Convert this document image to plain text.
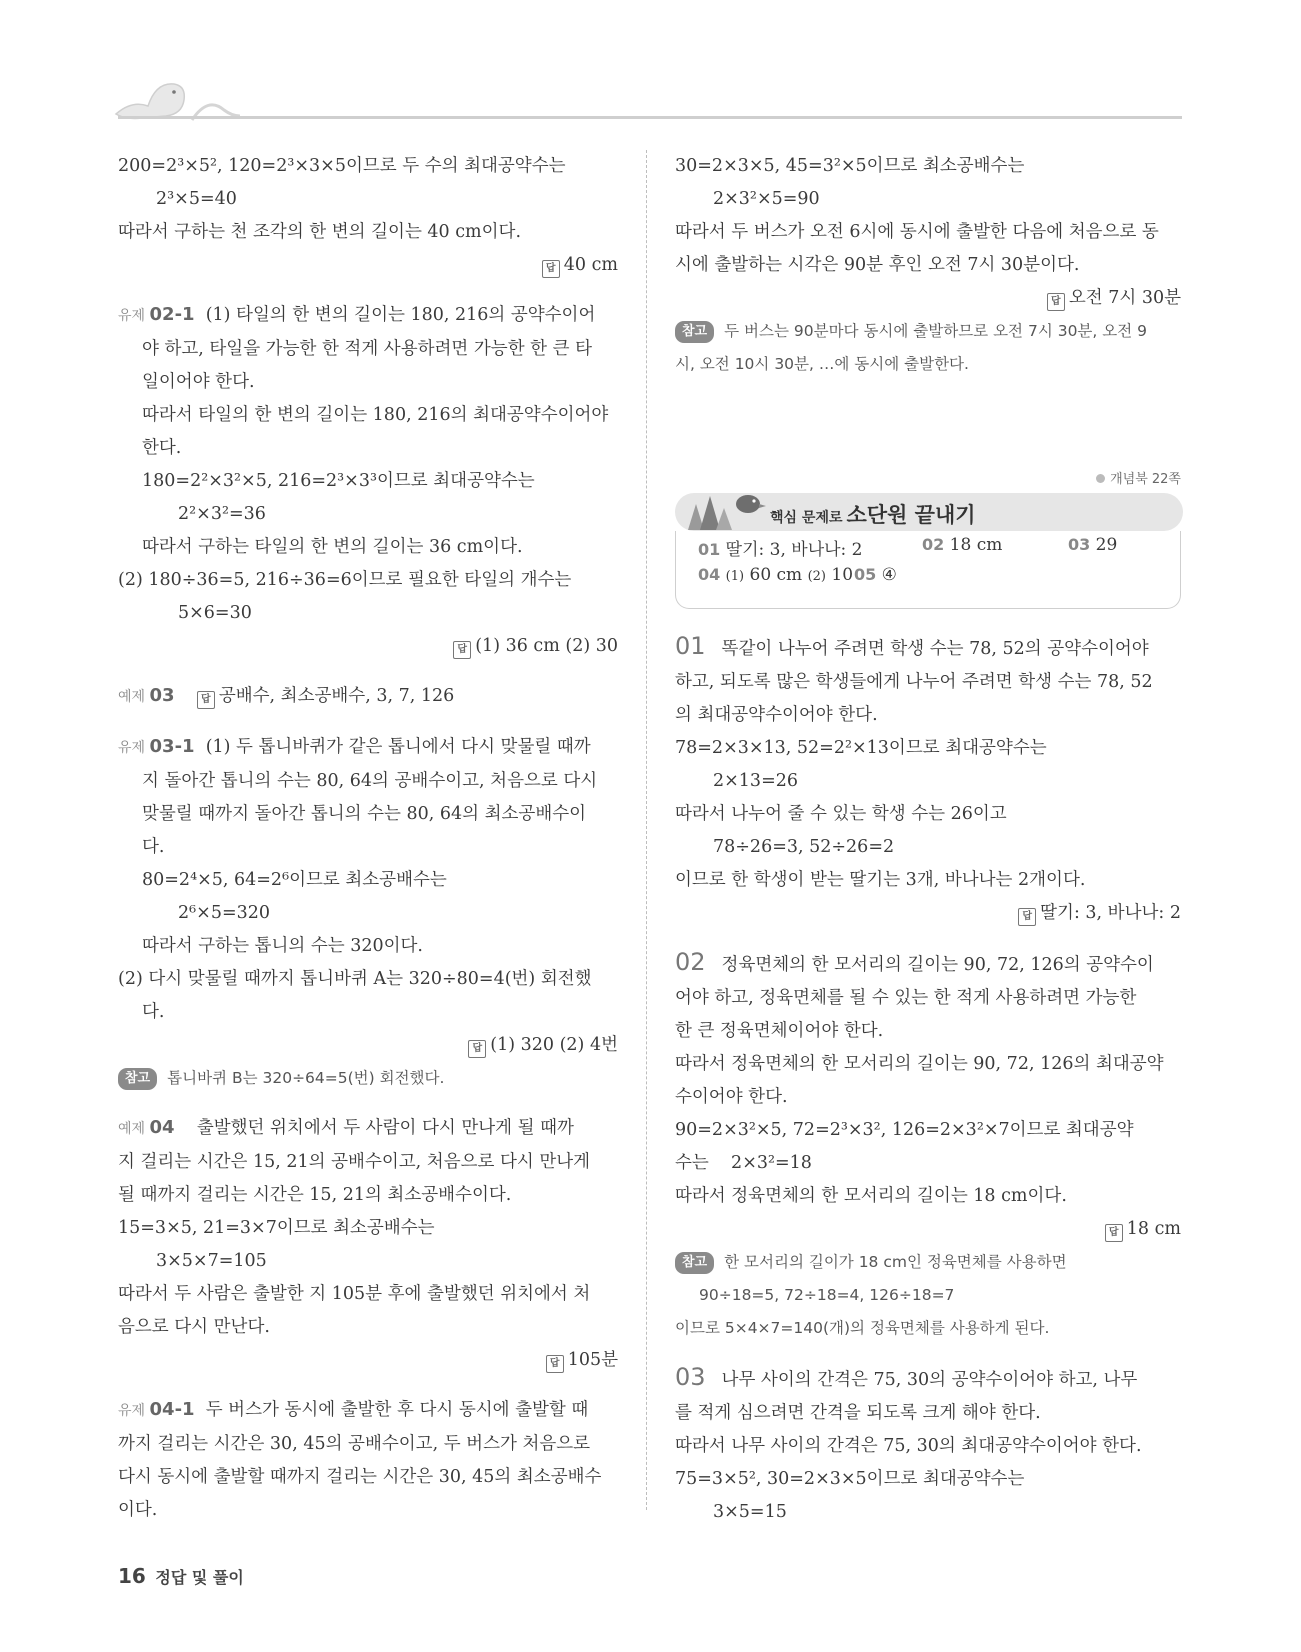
200=2³×5², 120=2³×3×5이므로 두 수의 최대공약수는
2³×5=40
따라서 구하는 천 조각의 한 변의 길이는 40 cm이다.
답 40 cm
유제 02-1 (1) 타일의 한 변의 길이는 180, 216의 공약수이어
야 하고, 타일을 가능한 한 적게 사용하려면 가능한 한 큰 타
일이어야 한다.
따라서 타일의 한 변의 길이는 180, 216의 최대공약수이어야
한다.
180=2²×3²×5, 216=2³×3³이므로 최대공약수는
2²×3²=36
따라서 구하는 타일의 한 변의 길이는 36 cm이다.
(2) 180÷36=5, 216÷36=6이므로 필요한 타일의 개수는
5×6=30
답 (1) 36 cm (2) 30
예제 03	답 공배수, 최소공배수, 3, 7, 126
유제 03-1 (1) 두 톱니바퀴가 같은 톱니에서 다시 맞물릴 때까
지 돌아간 톱니의 수는 80, 64의 공배수이고, 처음으로 다시
맞물릴 때까지 돌아간 톱니의 수는 80, 64의 최소공배수이
다.
80=2⁴×5, 64=2⁶이므로 최소공배수는
2⁶×5=320
따라서 구하는 톱니의 수는 320이다.
(2) 다시 맞물릴 때까지 톱니바퀴 A는 320÷80=4(번) 회전했
다.
답 (1) 320 (2) 4번
참고 톱니바퀴 B는 320÷64=5(번) 회전했다.
예제 04 출발했던 위치에서 두 사람이 다시 만나게 될 때까
지 걸리는 시간은 15, 21의 공배수이고, 처음으로 다시 만나게
될 때까지 걸리는 시간은 15, 21의 최소공배수이다.
15=3×5, 21=3×7이므로 최소공배수는
3×5×7=105
따라서 두 사람은 출발한 지 105분 후에 출발했던 위치에서 처
음으로 다시 만난다.
답 105분
유제 04-1 두 버스가 동시에 출발한 후 다시 동시에 출발할 때
까지 걸리는 시간은 30, 45의 공배수이고, 두 버스가 처음으로
다시 동시에 출발할 때까지 걸리는 시간은 30, 45의 최소공배수
이다.
30=2×3×5, 45=3²×5이므로 최소공배수는
2×3²×5=90
따라서 두 버스가 오전 6시에 동시에 출발한 다음에 처음으로 동
시에 출발하는 시각은 90분 후인 오전 7시 30분이다.
답 오전 7시 30분
참고 두 버스는 90분마다 동시에 출발하므로 오전 7시 30분, 오전 9
시, 오전 10시 30분, …에 동시에 출발한다.
개념북 22쪽
핵심 문제로 소단원 끝내기
01 딸기: 3, 바나나: 2	02 18 cm	03 29
04 (1) 60 cm (2) 10 05 ④
01 똑같이 나누어 주려면 학생 수는 78, 52의 공약수이어야
하고, 되도록 많은 학생들에게 나누어 주려면 학생 수는 78, 52
의 최대공약수이어야 한다.
78=2×3×13, 52=2²×13이므로 최대공약수는
2×13=26
따라서 나누어 줄 수 있는 학생 수는 26이고
78÷26=3, 52÷26=2
이므로 한 학생이 받는 딸기는 3개, 바나나는 2개이다.
답 딸기: 3, 바나나: 2
02 정육면체의 한 모서리의 길이는 90, 72, 126의 공약수이
어야 하고, 정육면체를 될 수 있는 한 적게 사용하려면 가능한
한 큰 정육면체이어야 한다.
따라서 정육면체의 한 모서리의 길이는 90, 72, 126의 최대공약
수이어야 한다.
90=2×3²×5, 72=2³×3², 126=2×3²×7이므로 최대공약
수는    2×3²=18
따라서 정육면체의 한 모서리의 길이는 18 cm이다.
답 18 cm
참고 한 모서리의 길이가 18 cm인 정육면체를 사용하면
90÷18=5, 72÷18=4, 126÷18=7
이므로 5×4×7=140(개)의 정육면체를 사용하게 된다.
03 나무 사이의 간격은 75, 30의 공약수이어야 하고, 나무
를 적게 심으려면 간격을 되도록 크게 해야 한다.
따라서 나무 사이의 간격은 75, 30의 최대공약수이어야 한다.
75=3×5², 30=2×3×5이므로 최대공약수는
3×5=15
16 정답 및 풀이
